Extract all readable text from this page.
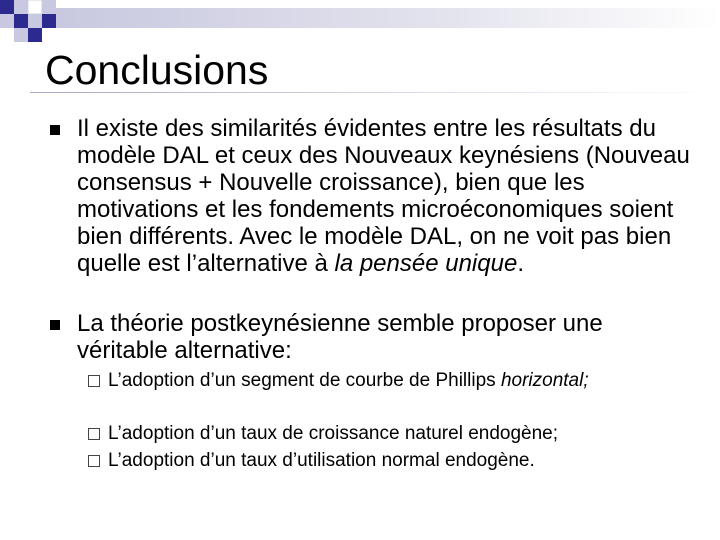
Conclusions
Il existe des similarités évidentes entre les résultats du modèle DAL et ceux des Nouveaux keynésiens (Nouveau consensus + Nouvelle croissance), bien que les motivations et les fondements microéconomiques soient bien différents. Avec le modèle DAL, on ne voit pas bien quelle est l’alternative à la pensée unique.
La théorie postkeynésienne semble proposer une véritable alternative:
L’adoption d’un segment de courbe de Phillips horizontal;
L’adoption d’un taux de croissance naturel endogène;
L’adoption d’un taux d’utilisation normal endogène.
